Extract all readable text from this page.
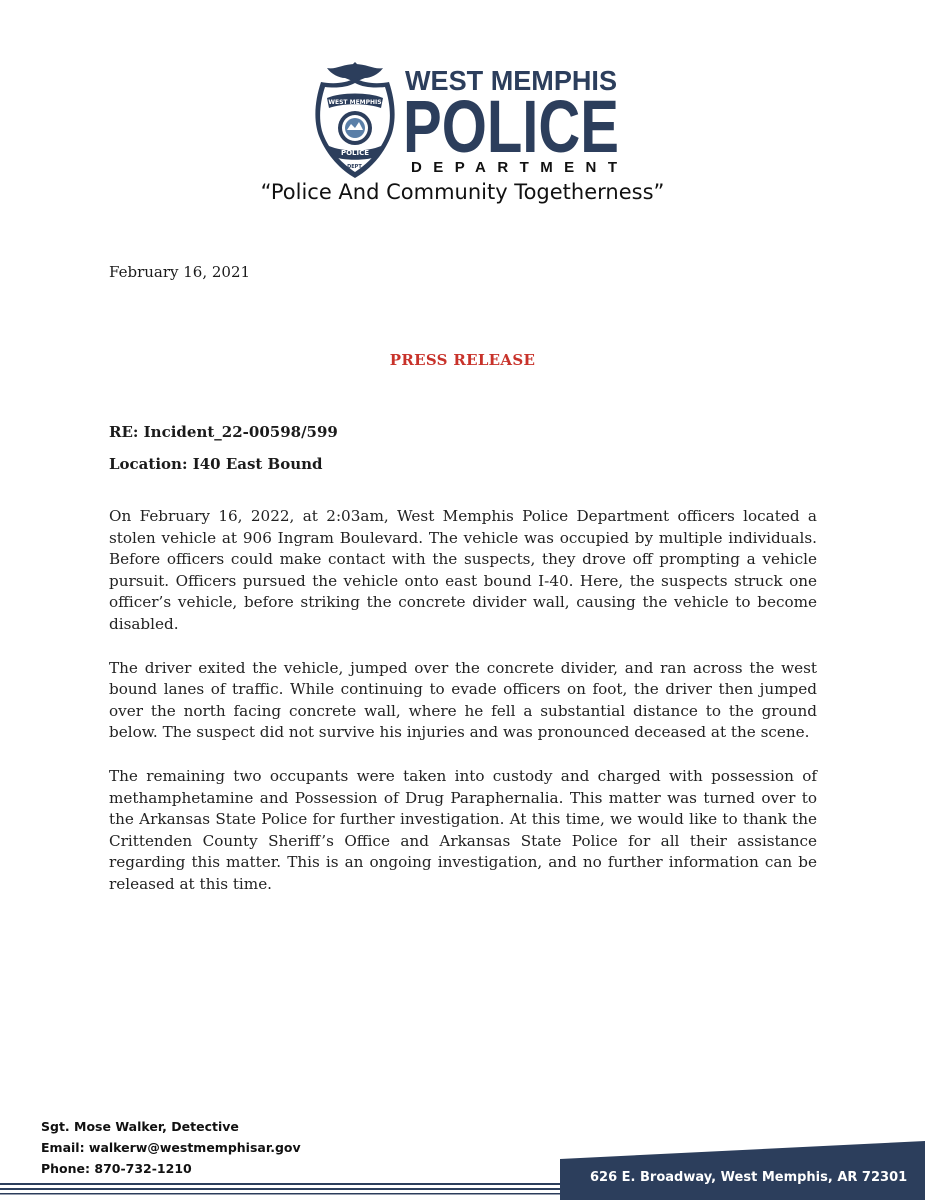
WEST MEMPHIS
POLICE
DEPT.
WEST MEMPHIS
POLICE
DEPARTMENT
“Police And Community Togetherness”
February 16, 2021
PRESS RELEASE
RE: Incident_22-00598/599
Location: I40 East Bound

On February 16, 2022, at 2:03am, West Memphis Police Department officers located a stolen vehicle at 906 Ingram Boulevard. The vehicle was occupied by multiple individuals. Before officers could make contact with the suspects, they drove off prompting a vehicle pursuit. Officers pursued the vehicle onto east bound I-40. Here, the suspects struck one officer’s vehicle, before striking the concrete divider wall, causing the vehicle to become disabled.

The driver exited the vehicle, jumped over the concrete divider, and ran across the west bound lanes of traffic. While continuing to evade officers on foot, the driver then jumped over the north facing concrete wall, where he fell a substantial distance to the ground below. The suspect did not survive his injuries and was pronounced deceased at the scene.

The remaining two occupants were taken into custody and charged with possession of methamphetamine and Possession of Drug Paraphernalia. This matter was turned over to the Arkansas State Police for further investigation. At this time, we would like to thank the Crittenden County Sheriff’s Office and Arkansas State Police for all their assistance regarding this matter. This is an ongoing investigation, and no further information can be released at this time.

Sgt. Mose Walker, Detective
Email: walkerw@westmemphisar.gov
Phone: 870-732-1210
626 E. Broadway, West Memphis, AR 72301
